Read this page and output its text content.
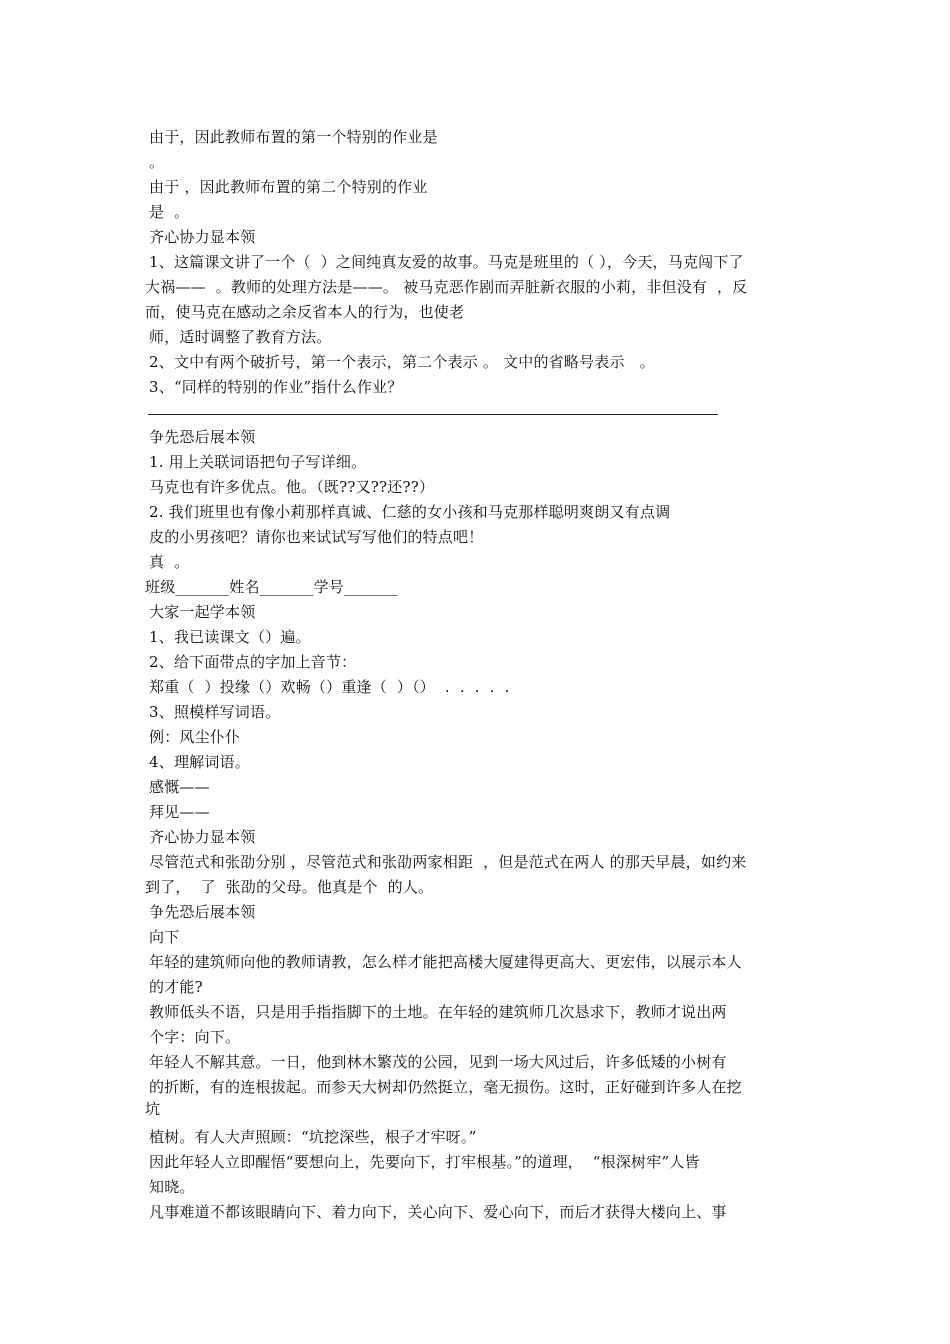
由于，因此教师布置的第一个特别的作业是
。
由于 ，因此教师布置的第二个特别的作业
是  。
齐心协力显本领
1、这篇课文讲了一个（  ）之间纯真友爱的故事。马克是班里的（ ），今天，马克闯下了
大祸——  。教师的处理方法是——。 被马克恶作剧而弄脏新衣服的小莉，非但没有  ，反
而，使马克在感动之余反省本人的行为，也使老
师，适时调整了教育方法。
2、文中有两个破折号，第一个表示，第二个表示 。 文中的省略号表示   。
3、“同样的特别的作业”指什么作业？
争先恐后展本领
1. 用上关联词语把句子写详细。
马克也有许多优点。他。（既??又??还??）
2. 我们班里也有像小莉那样真诚、仁慈的女小孩和马克那样聪明爽朗又有点调
皮的小男孩吧？请你也来试试写写他们的特点吧！
真  。
班级_______姓名_______学号_______
大家一起学本领
1、我已读课文（）遍。
2、给下面带点的字加上音节：
郑重（  ）投缘（）欢畅（）重逢（  ）（）  .  .  .  .  .
3、照模样写词语。
例：风尘仆仆
4、理解词语。
感慨——
拜见——
齐心协力显本领
尽管范式和张劭分别 ，尽管范式和张劭两家相距  ，但是范式在两人 的那天早晨，如约来
到了，  了  张劭的父母。他真是个  的人。
争先恐后展本领
向下
年轻的建筑师向他的教师请教，怎么样才能把高楼大厦建得更高大、更宏伟，以展示本人
的才能?
教师低头不语，只是用手指指脚下的土地。在年轻的建筑师几次恳求下，教师才说出两
个字：向下。
年轻人不解其意。一日，他到林木繁茂的公园，见到一场大风过后，许多低矮的小树有
的折断，有的连根拔起。而参天大树却仍然挺立，毫无损伤。这时，正好碰到许多人在挖
坑
植树。有人大声照顾：“坑挖深些，根子才牢呀。”
因此年轻人立即醒悟“要想向上，先要向下，打牢根基。”的道理，  “根深树牢”人皆
知晓。
凡事难道不都该眼睛向下、着力向下，关心向下、爱心向下，而后才获得大楼向上、事
